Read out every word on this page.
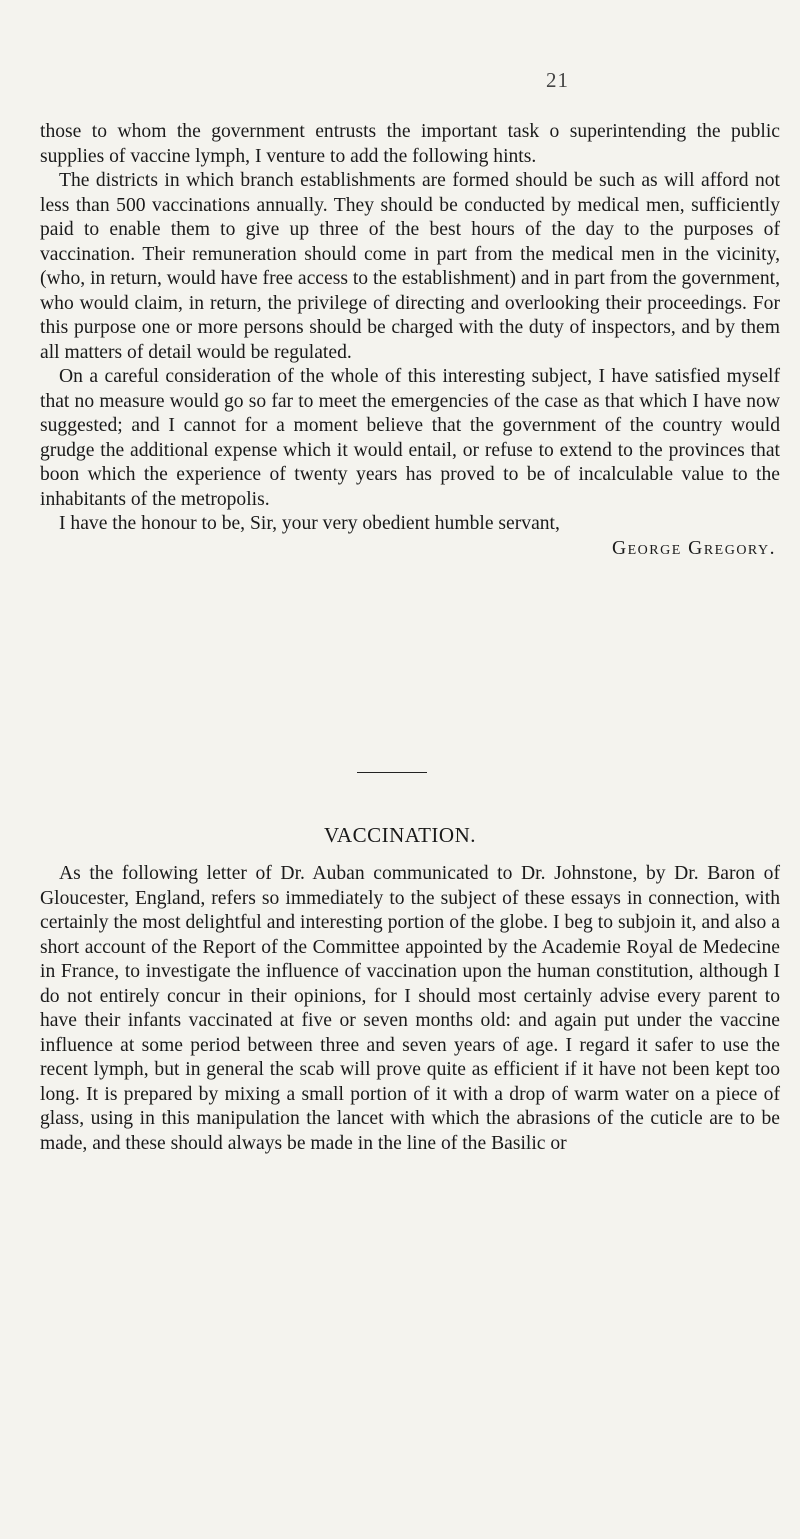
21

those to whom the government entrusts the important task o superintending the public supplies of vaccine lymph, I venture to add the following hints.

The districts in which branch establishments are formed should be such as will afford not less than 500 vaccinations annually. They should be conducted by medical men, sufficiently paid to enable them to give up three of the best hours of the day to the purposes of vaccination. Their remuneration should come in part from the medical men in the vicinity, (who, in return, would have free access to the establishment) and in part from the government, who would claim, in return, the privilege of directing and overlooking their proceedings. For this purpose one or more persons should be charged with the duty of inspectors, and by them all matters of detail would be regulated.

On a careful consideration of the whole of this interesting subject, I have satisfied myself that no measure would go so far to meet the emergencies of the case as that which I have now suggested; and I cannot for a moment believe that the government of the country would grudge the additional expense which it would entail, or refuse to extend to the provinces that boon which the experience of twenty years has proved to be of incalculable value to the inhabitants of the metropolis.

I have the honour to be, Sir, your very obedient humble servant,

George Gregory.

VACCINATION.

As the following letter of Dr. Auban communicated to Dr. Johnstone, by Dr. Baron of Gloucester, England, refers so immediately to the subject of these essays in connection, with certainly the most delightful and interesting portion of the globe. I beg to subjoin it, and also a short account of the Report of the Committee appointed by the Academie Royal de Medecine in France, to investigate the influence of vaccination upon the human constitution, although I do not entirely concur in their opinions, for I should most certainly advise every parent to have their infants vaccinated at five or seven months old: and again put under the vaccine influence at some period between three and seven years of age. I regard it safer to use the recent lymph, but in general the scab will prove quite as efficient if it have not been kept too long. It is prepared by mixing a small portion of it with a drop of warm water on a piece of glass, using in this manipulation the lancet with which the abrasions of the cuticle are to be made, and these should always be made in the line of the Basilic or
